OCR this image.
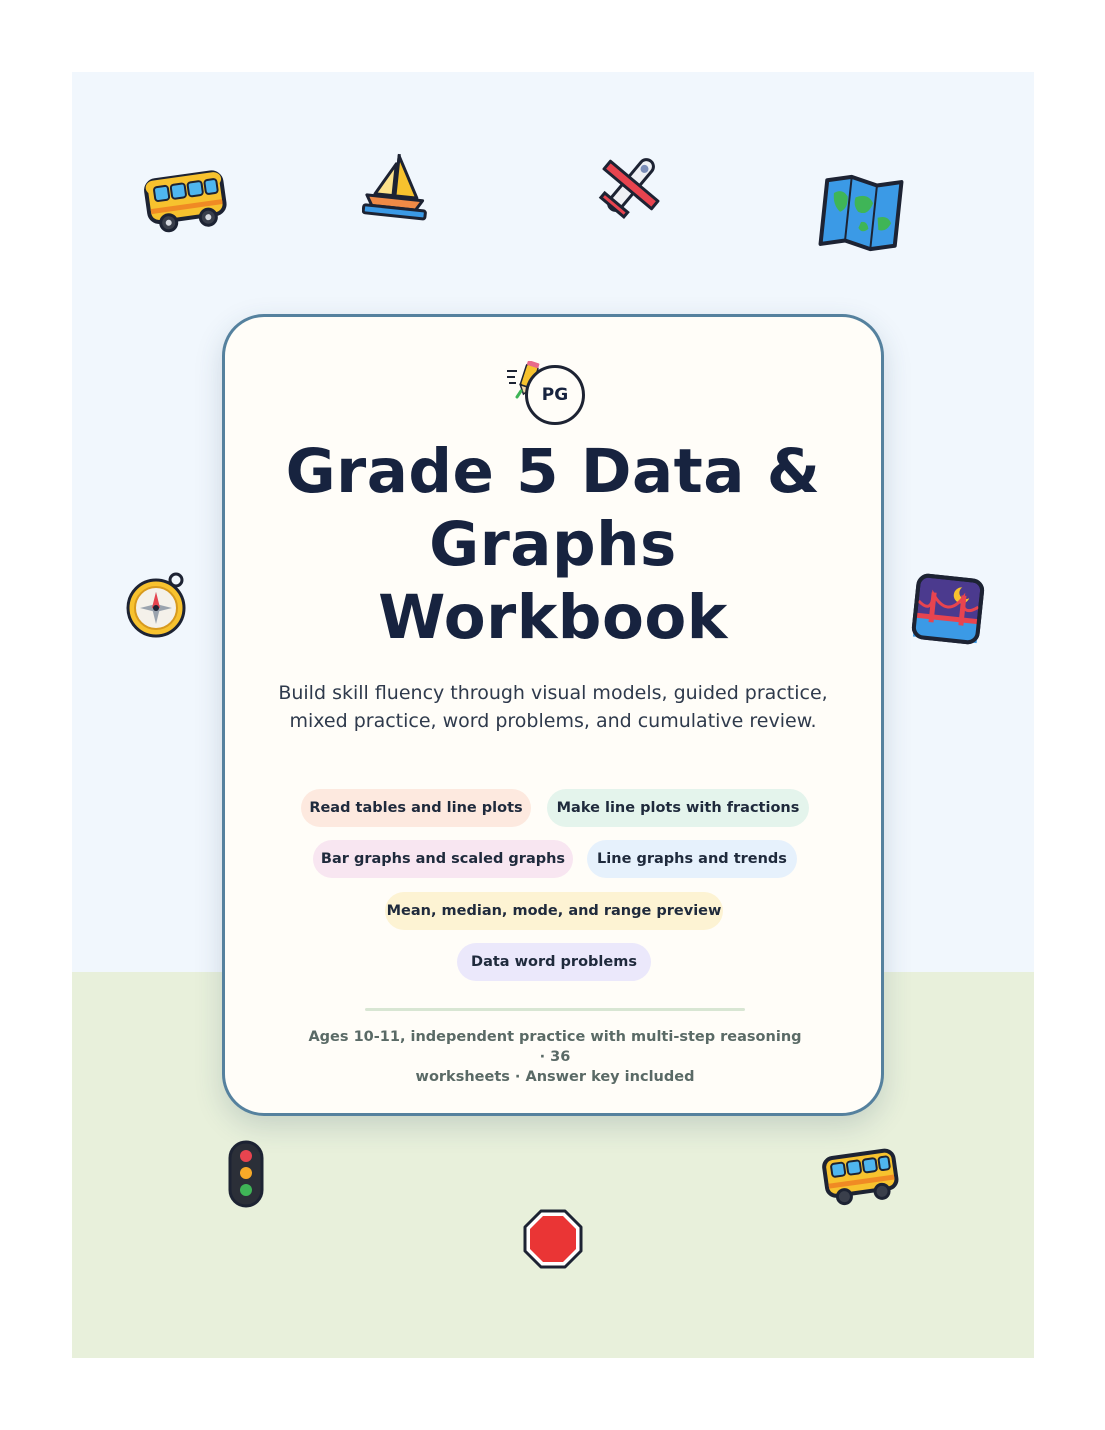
PG
Grade 5 Data &
Graphs
Workbook

Build skill fluency through visual models, guided practice, mixed practice, word problems, and cumulative review.

Read tables and line plots	Make line plots with fractions
Bar graphs and scaled graphs	Line graphs and trends
Mean, median, mode, and range preview
Data word problems
Ages 10-11, independent practice with multi-step reasoning · 36
worksheets · Answer key included
